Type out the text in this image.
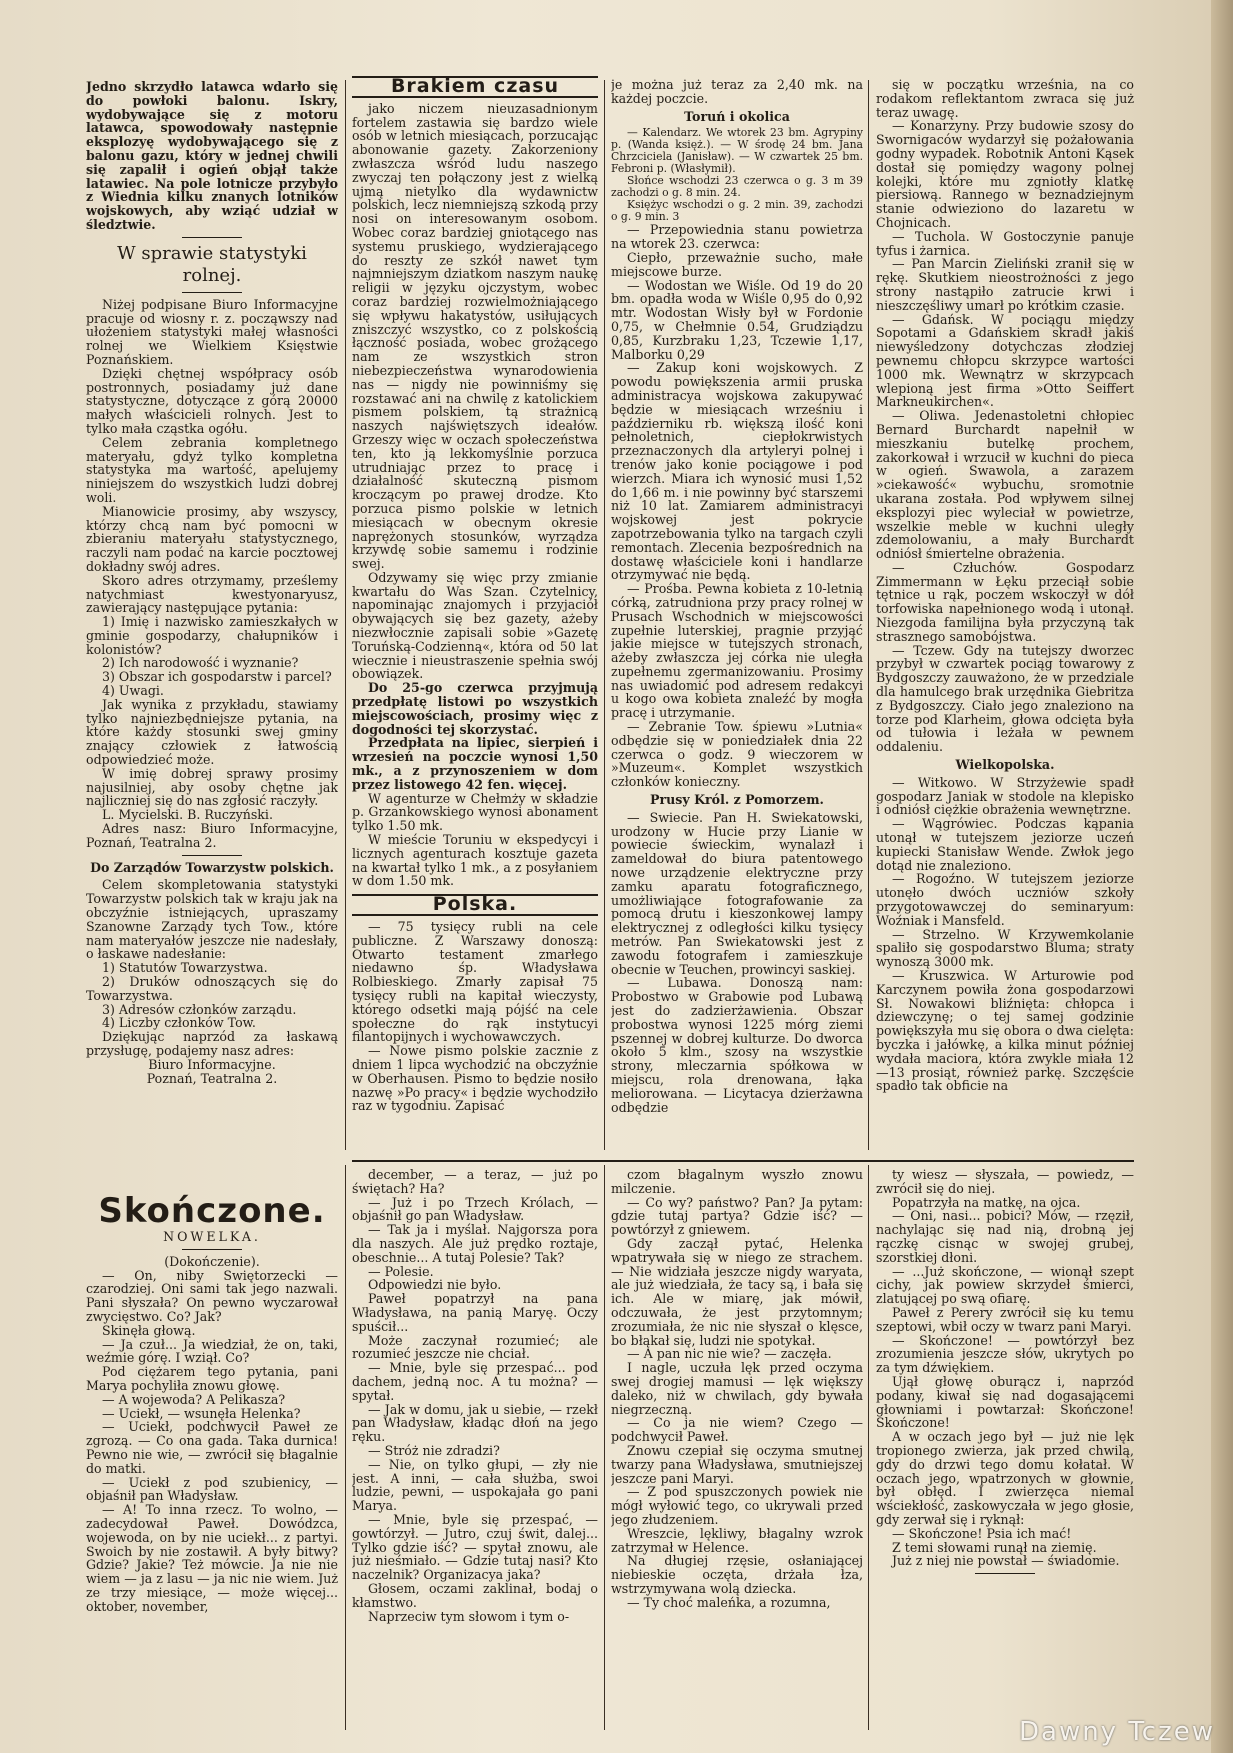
Jedno skrzydło latawca wdarło się do powłoki balonu. Iskry, wydobywające się z motoru latawca, spowodowały następnie eksplozyę wydobywającego się z balonu gazu, który w jednej chwili się zapalił i ogień objął także latawiec. Na pole lotnicze przybyło z Wiednia kilku znanych lotników wojskowych, aby wziąć udział w śledztwie.

W sprawie statystyki rolnej.

Niżej podpisane Biuro Informacyjne pracuje od wiosny r. z. począwszy nad ułożeniem statystyki małej własności rolnej we Wielkiem Księstwie Poznańskiem.

Dzięki chętnej współpracy osób postronnych, posiadamy już dane statystyczne, dotyczące z górą 20000 małych właścicieli rolnych. Jest to tylko mała cząstka ogółu.

Celem zebrania kompletnego materyału, gdyż tylko kompletna statystyka ma wartość, apelujemy niniejszem do wszystkich ludzi dobrej woli.

Mianowicie prosimy, aby wszyscy, którzy chcą nam być pomocni w zbieraniu materyału statystycznego, raczyli nam podać na karcie pocztowej dokładny swój adres.

Skoro adres otrzymamy, prześlemy natychmiast kwestyonaryusz, zawierający następujące pytania:

1) Imię i nazwisko zamieszkałych w gminie gospodarzy, chałupników i kolonistów?

2) Ich narodowość i wyznanie?

3) Obszar ich gospodarstw i parcel?

4) Uwagi.

Jak wynika z przykładu, stawiamy tylko najniezbędniejsze pytania, na które każdy stosunki swej gminy znający człowiek z łatwością odpowiedzieć może.

W imię dobrej sprawy prosimy najusilniej, aby osoby chętne jak najliczniej się do nas zgłosić raczyły.

L. Mycielski. B. Ruczyński.

Adres nasz: Biuro Informacyjne, Poznań, Teatralna 2.

Do Zarządów Towarzystw polskich.

Celem skompletowania statystyki Towarzystw polskich tak w kraju jak na obczyźnie istniejących, upraszamy Szanowne Zarządy tych Tow., które nam materyałów jeszcze nie nadesłały, o łaskawe nadesłanie:

1) Statutów Towarzystwa.

2) Druków odnoszących się do Towarzystwa.

3) Adresów członków zarządu.

4) Liczby członków Tow.

Dziękując naprzód za łaskawą przysługę, podajemy nasz adres:

Biuro Informacyjne.

Poznań, Teatralna 2.

Brakiem czasu

jako niczem nieuzasadnionym fortelem zastawia się bardzo wiele osób w letnich miesiącach, porzucając abonowanie gazety. Zakorzeniony zwłaszcza wśród ludu naszego zwyczaj ten połączony jest z wielką ujmą nietylko dla wydawnictw polskich, lecz niemniejszą szkodą przy nosi on interesowanym osobom. Wobec coraz bardziej gniotącego nas systemu pruskiego, wydzierającego do reszty ze szkół nawet tym najmniejszym dziatkom naszym naukę religii w języku ojczystym, wobec coraz bardziej rozwielmożniającego się wpływu hakatystów, usiłujących zniszczyć wszystko, co z polskością łączność posiada, wobec grożącego nam ze wszystkich stron niebezpieczeństwa wynarodowienia nas — nigdy nie powinniśmy się rozstawać ani na chwilę z katolickiem pismem polskiem, tą strażnicą naszych najświętszych ideałów. Grzeszy więc w oczach społeczeństwa ten, kto ją lekkomyślnie porzuca utrudniając przez to pracę i działalność skuteczną pismom kroczącym po prawej drodze. Kto porzuca pismo polskie w letnich miesiącach w obecnym okresie naprężonych stosunków, wyrządza krzywdę sobie samemu i rodzinie swej.

Odzywamy się więc przy zmianie kwartału do Was Szan. Czytelnicy, napominając znajomych i przyjaciół obywających się bez gazety, ażeby niezwłocznie zapisali sobie »Gazetę Toruńską-Codzienną«, która od 50 lat wiecznie i nieustraszenie spełnia swój obowiązek.

Do 25-go czerwca przyjmują przedpłatę listowi po wszystkich miejscowościach, prosimy więc z dogodności tej skorzystać.

Przedpłata na lipiec, sierpień i wrzesień na poczcie wynosi 1,50 mk., a z przynoszeniem w dom przez listowego 42 fen. więcej.

W agenturze w Chełmży w składzie p. Grzankowskiego wynosi abonament tylko 1.50 mk.

W mieście Toruniu w ekspedycyi i licznych agenturach kosztuje gazeta na kwartał tylko 1 mk., a z posyłaniem w dom 1.50 mk.

Polska.

— 75 tysięcy rubli na cele publiczne. Z Warszawy donoszą: Otwarto testament zmarłego niedawno śp. Władysława Rolbieskiego. Zmarły zapisał 75 tysięcy rubli na kapitał wieczysty, którego odsetki mają pójść na cele społeczne do rąk instytucyi filantopijnych i wychowawczych.

— Nowe pismo polskie zacznie z dniem 1 lipca wychodzić na obczyźnie w Oberhausen. Pismo to będzie nosiło nazwę »Po pracy« i będzie wychodziło raz w tygodniu. Zapisać

je można już teraz za 2,40 mk. na każdej poczcie.

Toruń i okolica

— Kalendarz. We wtorek 23 bm. Agrypiny p. (Wanda księż.). — W środę 24 bm. Jana Chrzciciela (Janisław). — W czwartek 25 bm. Febroni p. (Własłymił).

Słońce wschodzi 23 czerwca o g. 3 m 39 zachodzi o g. 8 min. 24.

Księżyc wschodzi o g. 2 min. 39, zachodzi o g. 9 min. 3

— Przepowiednia stanu powietrza na wtorek 23. czerwca:

Ciepło, przeważnie sucho, małe miejscowe burze.

— Wodostan we Wiśle. Od 19 do 20 bm. opadła woda w Wiśle 0,95 do 0,92 mtr. Wodostan Wisły był w Fordonie 0,75, w Chełmnie 0.54, Grudziądzu 0,85, Kurzbraku 1,23, Tczewie 1,17, Malborku 0,29

— Zakup koni wojskowych. Z powodu powiększenia armii pruska administracya wojskowa zakupywać będzie w miesiącach wrześniu i październiku rb. większą ilość koni pełnoletnich, ciepłokrwistych przeznaczonych dla artyleryi polnej i trenów jako konie pociągowe i pod wierzch. Miara ich wynosić musi 1,52 do 1,66 m. i nie powinny być starszemi niż 10 lat. Zamiarem administracyi wojskowej jest pokrycie zapotrzebowania tylko na targach czyli remontach. Zlecenia bezpośrednich na dostawę właściciele koni i handlarze otrzymywać nie będą.

— Prośba. Pewna kobieta z 10-letnią córką, zatrudniona przy pracy rolnej w Prusach Wschodnich w miejscowości zupełnie luterskiej, pragnie przyjąć jakie miejsce w tutejszych stronach, ażeby zwłaszcza jej córka nie uległa zupełnemu zgermanizowaniu. Prosimy nas uwiadomić pod adresem redakcyi u kogo owa kobieta znaleźć by mogła pracę i utrzymanie.

— Zebranie Tow. śpiewu »Lutnia« odbędzie się w poniedziałek dnia 22 czerwca o godz. 9 wieczorem w »Muzeum«. Komplet wszystkich członków konieczny.

Prusy Król. z Pomorzem.

— Swiecie. Pan H. Swiekatowski, urodzony w Hucie przy Lianie w powiecie świeckim, wynalazł i zameldował do biura patentowego nowe urządzenie elektryczne przy zamku aparatu fotograficznego, umożliwiające fotografowanie za pomocą drutu i kieszonkowej lampy elektrycznej z odległości kilku tysięcy metrów. Pan Swiekatowski jest z zawodu fotografem i zamieszkuje obecnie w Teuchen, prowincyi saskiej.

— Lubawa. Donoszą nam: Probostwo w Grabowie pod Lubawą jest do zadzierżawienia. Obszar probostwa wynosi 1225 mórg ziemi pszennej w dobrej kulturze. Do dworca około 5 klm., szosy na wszystkie strony, mleczarnia spółkowa w miejscu, rola drenowana, łąka meliorowana. — Licytacya dzierżawna odbędzie

się w początku września, na co rodakom reflektantom zwraca się już teraz uwagę.

— Konarzyny. Przy budowie szosy do Swornigaców wydarzył się pożałowania godny wypadek. Robotnik Antoni Kąsek dostał się pomiędzy wagony polnej kolejki, które mu zgniotły klatkę piersiową. Rannego w beznadziejnym stanie odwieziono do lazaretu w Chojnicach.

— Tuchola. W Gostoczynie panuje tyfus i żarnica.

— Pan Marcin Zieliński zranił się w rękę. Skutkiem nieostrożności z jego strony nastąpiło zatrucie krwi i nieszczęśliwy umarł po krótkim czasie.

— Gdańsk. W pociągu między Sopotami a Gdańskiem skradł jakiś niewyśledzony dotychczas złodziej pewnemu chłopcu skrzypce wartości 1000 mk. Wewnątrz w skrzypcach wlepioną jest firma »Otto Seiffert Markneukirchen«.

— Oliwa. Jedenastoletni chłopiec Bernard Burchardt napełnił w mieszkaniu butelkę prochem, zakorkował i wrzucił w kuchni do pieca w ogień. Swawola, a zarazem »ciekawość« wybuchu, sromotnie ukarana została. Pod wpływem silnej eksplozyi piec wyleciał w powietrze, wszelkie meble w kuchni uległy zdemolowaniu, a mały Burchardt odniósł śmiertelne obrażenia.

— Człuchów. Gospodarz Zimmermann w Łęku przeciął sobie tętnice u rąk, poczem wskoczył w dół torfowiska napełnionego wodą i utonął. Niezgoda familijna była przyczyną tak strasznego samobójstwa.

— Tczew. Gdy na tutejszy dworzec przybył w czwartek pociąg towarowy z Bydgoszczy zauważono, że w przedziale dla hamulcego brak urzędnika Giebritza z Bydgoszczy. Ciało jego znaleziono na torze pod Klarheim, głowa odcięta była od tułowia i leżała w pewnem oddaleniu.

Wielkopolska.

— Witkowo. W Strzyżewie spadł gospodarz Janiak w stodole na klepisko i odniósł ciężkie obrażenia wewnętrzne.

— Wągrówiec. Podczas kąpania utonął w tutejszem jeziorze uczeń kupiecki Stanisław Wende. Zwłok jego dotąd nie znaleziono.

— Rogoźno. W tutejszem jeziorze utonęło dwóch uczniów szkoły przygotowawczej do seminaryum: Woźniak i Mansfeld.

— Strzelno. W Krzywemkolanie spaliło się gospodarstwo Bluma; straty wynoszą 3000 mk.

— Kruszwica. W Arturowie pod Karczynem powiła żona gospodarzowi Sł. Nowakowi bliźnięta: chłopca i dziewczynę; o tej samej godzinie powiększyła mu się obora o dwa cielęta: byczka i jałówkę, a kilka minut później wydała maciora, która zwykle miała 12—13 prosiąt, również parkę. Szczęście spadło tak obficie na

Skończone.
NOWELKA.

(Dokończenie).

— On, niby Swiętorzecki — czarodziej. Oni sami tak jego nazwali. Pani słyszała? On pewno wyczarował zwycięstwo. Co? Jak?

Skinęła głową.

— Ja czuł... Ja wiedział, że on, taki, weźmie górę. I wziął. Co?

Pod ciężarem tego pytania, pani Marya pochyliła znowu głowę.

— A wojewoda? A Pelikasza?

— Uciekł, — wsunęła Helenka?

— Uciekł, podchwycił Paweł ze zgrozą. — Co ona gada. Taka durnica! Pewno nie wie, — zwrócił się błagalnie do matki.

— Uciekł z pod szubienicy, — objaśnił pan Władysław.

— A! To inna rzecz. To wolno, — zadecydował Paweł. Dowódzca, wojewoda, on by nie uciekł... z partyi. Swoich by nie zostawił. A były bitwy? Gdzie? Jakie? Też mówcie. Ja nie nie wiem — ja z lasu — ja nic nie wiem. Już ze trzy miesiące, — może więcej... oktober, november,

december, — a teraz, — już po świętach? Ha?

— Już i po Trzech Królach, — objaśnił go pan Władysław.

— Tak ja i myślał. Najgorsza pora dla naszych. Ale już prędko roztaje, obeschnie... A tutaj Polesie? Tak?

— Polesie.

Odpowiedzi nie było.

Paweł popatrzył na pana Władysława, na panią Maryę. Oczy spuścił...

Może zaczynał rozumieć; ale rozumieć jeszcze nie chciał.

— Mnie, byle się przespać... pod dachem, jedną noc. A tu można? — spytał.

— Jak w domu, jak u siebie, — rzekł pan Władysław, kładąc dłoń na jego ręku.

— Stróż nie zdradzi?

— Nie, on tylko głupi, — zły nie jest. A inni, — cała służba, swoi ludzie, pewni, — uspokajała go pani Marya.

— Mnie, byle się przespać, — gowtórzył. — Jutro, czuj świt, dalej... Tylko gdzie iść? — spytał znowu, ale już nieśmiało. — Gdzie tutaj nasi? Kto naczelnik? Organizacya jaka?

Głosem, oczami zaklinał, bodaj o kłamstwo.

Naprzeciw tym słowom i tym o-

czom błagalnym wyszło znowu milczenie.

— Co wy? państwo? Pan? Ja pytam: gdzie tutaj partya? Gdzie iść? — powtórzył z gniewem.

Gdy zaczął pytać, Helenka wpatrywała się w niego ze strachem. — Nie widziała jeszcze nigdy waryata, ale już wiedziała, że tacy są, i bała się ich. Ale w miarę, jak mówił, odczuwała, że jest przytomnym; zrozumiała, że nic nie słyszał o klęsce, bo błąkał się, ludzi nie spotykał.

— A pan nic nie wie? — zaczęła.

I nagle, uczuła lęk przed oczyma swej drogiej mamusi — lęk większy daleko, niż w chwilach, gdy bywała niegrzeczną.

— Co ja nie wiem? Czego — podchwycił Paweł.

Znowu czepiał się oczyma smutnej twarzy pana Władysława, smutniejszej jeszcze pani Maryi.

— Z pod spuszczonych powiek nie mógł wyłowić tego, co ukrywali przed jego złudzeniem.

Wreszcie, lękliwy, błagalny wzrok zatrzymał w Helence.

Na długiej rzęsie, osłaniającej niebieskie oczęta, drżała łza, wstrzymywana wolą dziecka.

— Ty choć maleńka, a rozumna,

ty wiesz — słyszała, — powiedz, — zwrócił się do niej.

Popatrzyła na matkę, na ojca.

— Oni, nasi... pobici? Mów, — rzęził, nachylając się nad nią, drobną jej rączkę cisnąc w swojej grubej, szorstkiej dłoni.

— ...Już skończone, — wionął szept cichy, jak powiew skrzydeł śmierci, zlatującej po swą ofiarę.

Paweł z Perery zwrócił się ku temu szeptowi, wbił oczy w twarz pani Maryi.

— Skończone! — powtórzył bez zrozumienia jeszcze słów, ukrytych po za tym dźwiękiem.

Ujął głowę oburącz i, naprzód podany, kiwał się nad dogasającemi głowniami i powtarzał: Skończone! Skończone!

A w oczach jego był — już nie lęk tropionego zwierza, jak przed chwilą, gdy do drzwi tego domu kołatał. W oczach jego, wpatrzonych w głownie, był obłęd. I zwierzęca niemal wściekłość, zaskowyczała w jego głosie, gdy zerwał się i ryknął:

— Skończone! Psia ich mać!

Z temi słowami runął na ziemię.

Już z niej nie powstał — świadomie.

Dawny Tczew
